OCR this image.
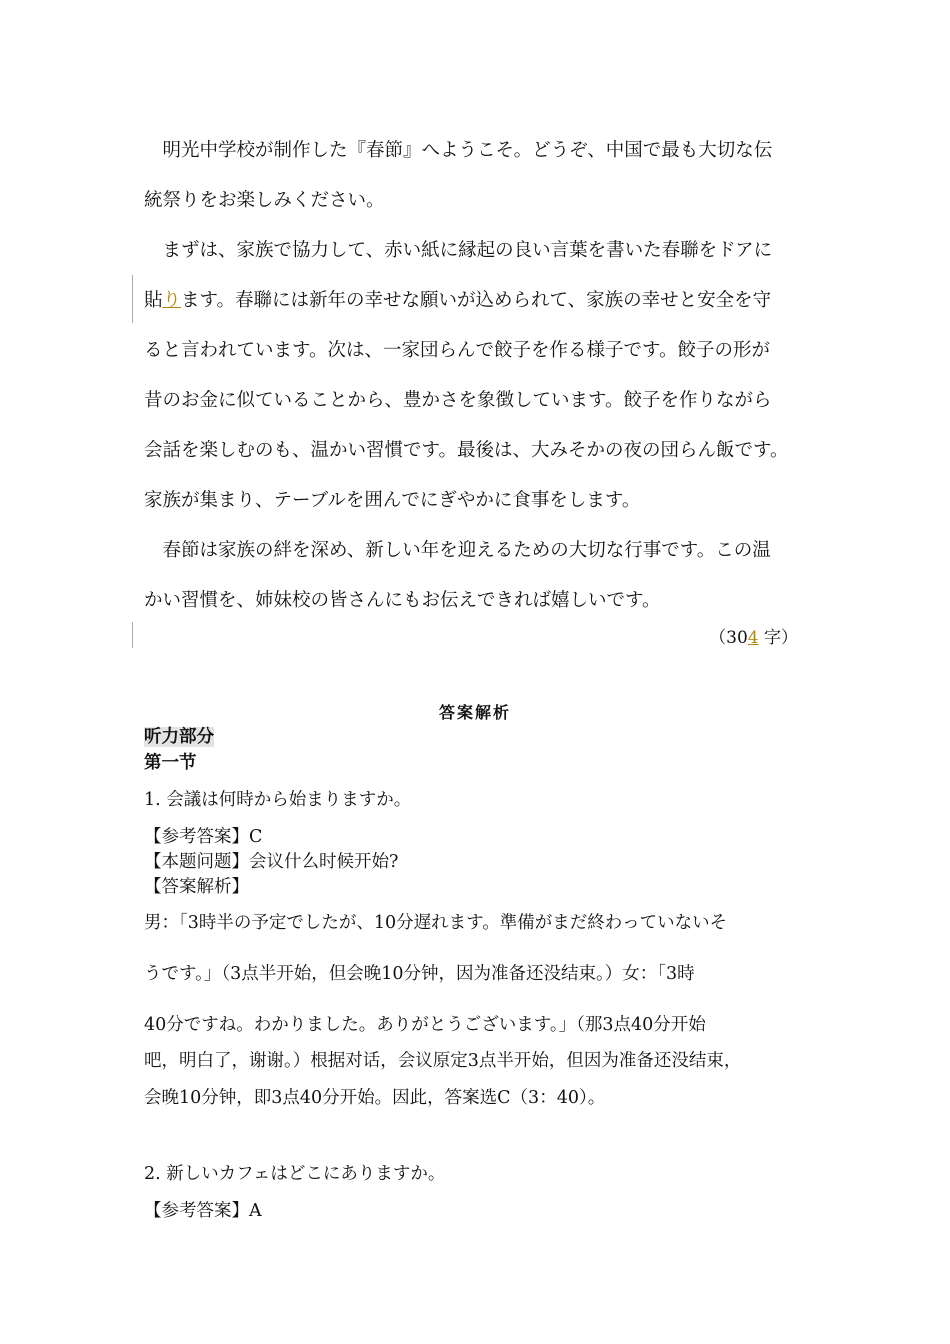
　明光中学校が制作した『春節』へようこそ。どうぞ、中国で最も大切な伝
統祭りをお楽しみください。
　まずは、家族で協力して、赤い紙に縁起の良い言葉を書いた春聯をドアに
貼ります。春聯には新年の幸せな願いが込められて、家族の幸せと安全を守
ると言われています。次は、一家団らんで餃子を作る様子です。餃子の形が
昔のお金に似ていることから、豊かさを象徴しています。餃子を作りながら
会話を楽しむのも、温かい習慣です。最後は、大みそかの夜の団らん飯です。
家族が集まり、テーブルを囲んでにぎやかに食事をします。
　春節は家族の絆を深め、新しい年を迎えるための大切な行事です。この温
かい習慣を、姉妹校の皆さんにもお伝えできれば嬉しいです。
（304 字）
答案解析
听力部分
第一节
1. 会議は何時から始まりますか。
【参考答案】C
【本题问题】会议什么时候开始?
【答案解析】
男：「3時半の予定でしたが、10分遅れます。準備がまだ終わっていないそ
うです。」（3点半开始，但会晚10分钟，因为准备还没结束。）女：「3時
40分ですね。わかりました。ありがとうございます。」（那3点40分开始
吧，明白了，谢谢。）根据对话，会议原定3点半开始，但因为准备还没结束，
会晚10分钟，即3点40分开始。因此，答案选C（3：40）。
2. 新しいカフェはどこにありますか。
【参考答案】A
